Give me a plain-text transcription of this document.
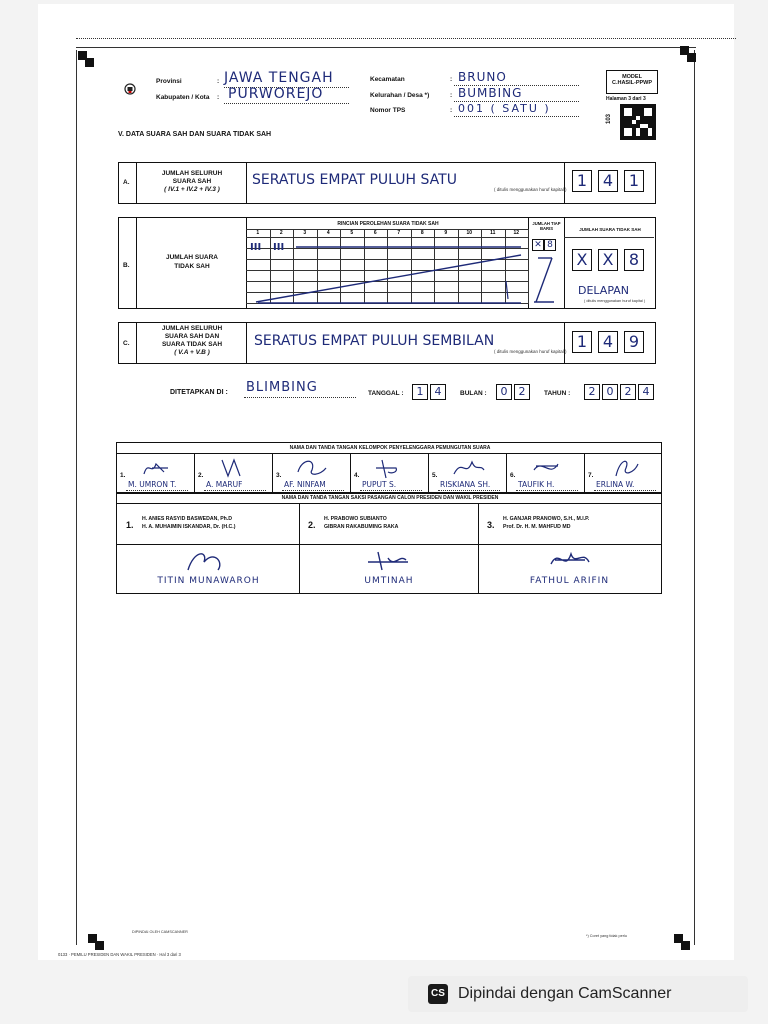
Provinsi	: JAWA TENGAH
Kabupaten / Kota : PURWOREJO
Kecamatan	: BRUNO
Kelurahan / Desa *)	: BUMBING
Nomor TPS	: 001 ( SATU )
MODEL
C.HASIL-PPWP
Halaman 3 dari 3
103
V. DATA SUARA SAH DAN SUARA TIDAK SAH
A.
JUMLAH SELURUH
SUARA SAH
( IV.1 + IV.2 + IV.3 )
SERATUS EMPAT PULUH SATU
( ditulis menggunakan huruf kapital ) 1 4 1
B.
JUMLAH SUARA
TIDAK SAH
RINCIAN PEROLEHAN SUARA TIDAK SAH
1	2	3	4	5	6	7	8	9	10	11	12
III III
JUMLAH TIAP BARIS
✕ 8
JUMLAH SUARA TIDAK SAH
X X 8
DELAPAN
( ditulis menggunakan huruf kapital )
C.
JUMLAH SELURUH
SUARA SAH DAN
SUARA TIDAK SAH
( V.A + V.B )
SERATUS EMPAT PULUH SEMBILAN
( ditulis menggunakan huruf kapital )
1 4 9
DITETAPKAN DI : BLIMBING	TANGGAL :	1	4	BULAN :	0	2	TAHUN :	2	0	2	4
NAMA DAN TANDA TANGAN KELOMPOK PENYELENGGARA PEMUNGUTAN SUARA
NAMA DAN TANDA TANGAN SAKSI PASANGAN CALON PRESIDEN DAN WAKIL PRESIDEN
DIPINDAI OLEH CAMSCANNER
*) Coret yang tidak perlu
0133 · PEMILU PRESIDEN DAN WAKIL PRESIDEN · Hal 3 dari 3
1.
M. UMRON T.
2.
A. MARUF
3.
AF. NINFAM
4.
PUPUT S.
5.
RISKIANA SH.
6.
TAUFIK H.
7.
ERLINA W.
1.
H. ANIES RASYID BASWEDAN, Ph.D
H. A. MUHAIMIN ISKANDAR, Dr. (H.C.)
TITIN MUNAWAROH
2.
H. PRABOWO SUBIANTO
GIBRAN RAKABUMING RAKA
UMTINAH
3.
H. GANJAR PRANOWO, S.H., M.I.P.
Prof. Dr. H. M. MAHFUD MD
FATHUL ARIFIN
CS Dipindai dengan CamScanner
